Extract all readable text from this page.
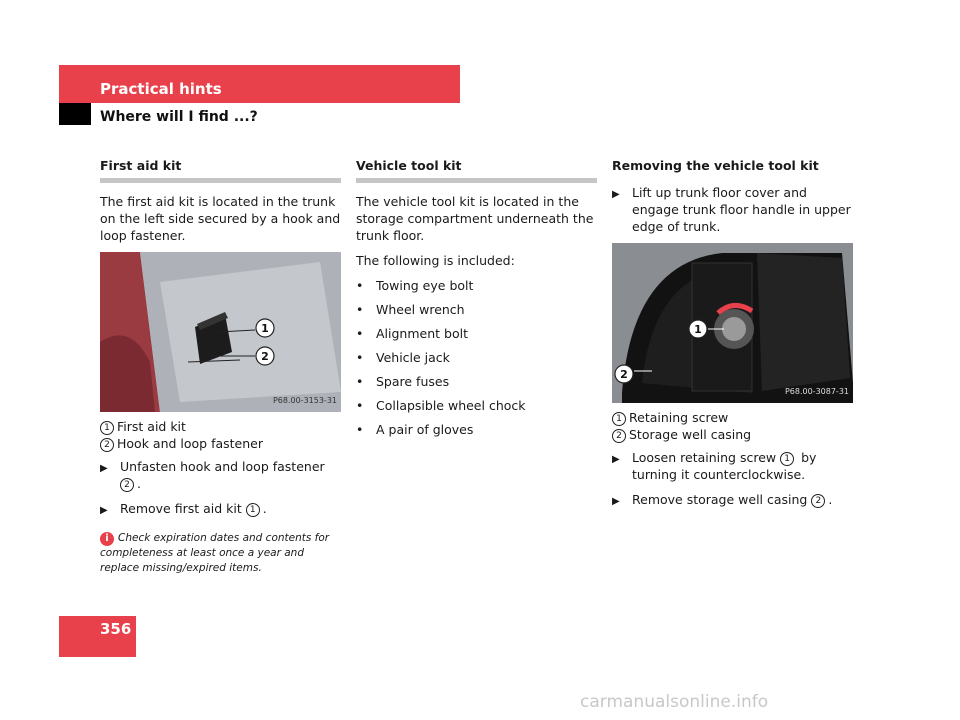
Practical hints
Where will I find ...?
First aid kit

The first aid kit is located in the trunk on the left side secured by a hook and loop fastener.

1
2
P68.00-3153-31
1 First aid kit
2 Hook and loop fastener
▶ Unfasten hook and loop fastener 2 .
▶ Remove first aid kit 1 .
i Check expiration dates and contents for completeness at least once a year and replace missing/expired items.
Vehicle tool kit

The vehicle tool kit is located in the storage compartment underneath the trunk floor.

The following is included:

•	Towing eye bolt
•	Wheel wrench
•	Alignment bolt
•	Vehicle jack
•	Spare fuses
•	Collapsible wheel chock
•	A pair of gloves
Removing the vehicle tool kit
▶ Lift up trunk floor cover and engage trunk floor handle in upper edge of trunk.
1
2
P68.00-3087-31
1 Retaining screw
2 Storage well casing
▶ Loosen retaining screw 1 by turning it counterclockwise.
▶ Remove storage well casing 2 .
356
carmanualsonline.info
